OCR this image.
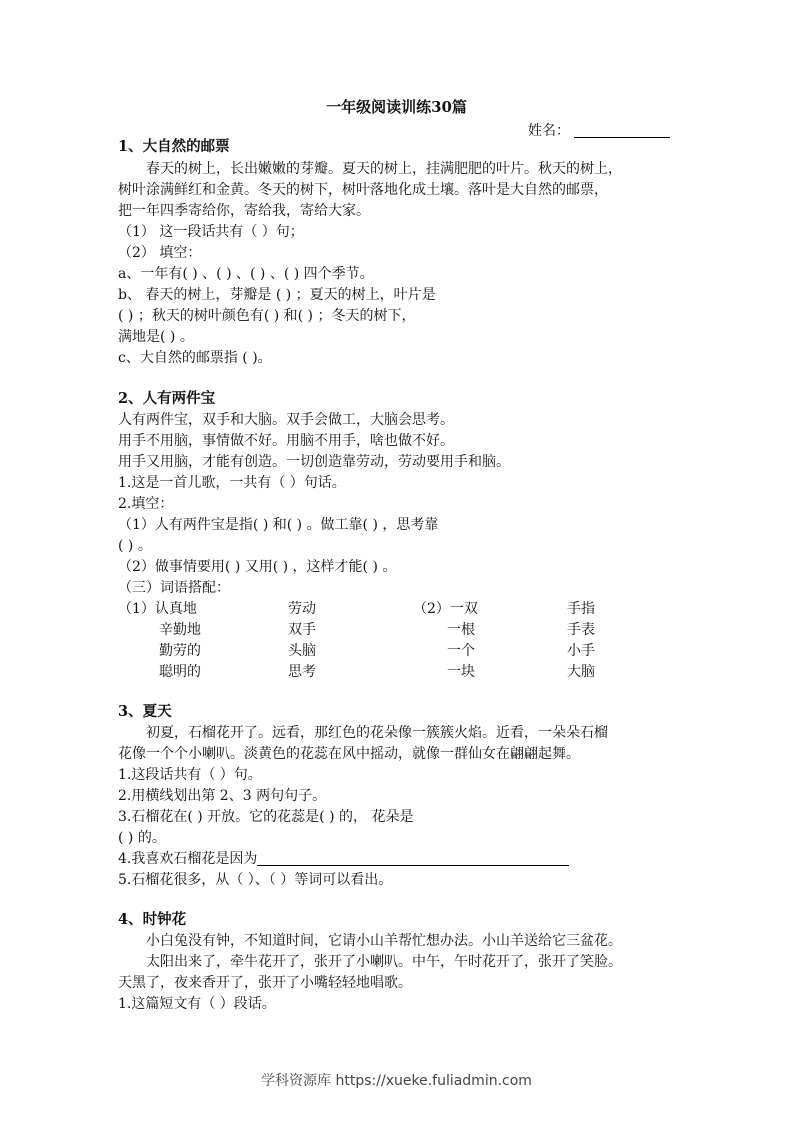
一年级阅读训练30篇
姓名：
1、大自然的邮票
春天的树上，长出嫩嫩的芽瓣。夏天的树上，挂满肥肥的叶片。秋天的树上，
树叶涂满鲜红和金黄。冬天的树下，树叶落地化成土壤。落叶是大自然的邮票，
把一年四季寄给你，寄给我，寄给大家。
（1） 这一段话共有（ ）句；
（2） 填空：
a、一年有( ) 、( ) 、( ) 、( ) 四个季节。
b、 春天的树上，芽瓣是 ( ) ；夏天的树上，叶片是
( ) ；秋天的树叶颜色有( ) 和( ) ；冬天的树下，
满地是( ) 。
c、大自然的邮票指 ( )。
2、人有两件宝
人有两件宝，双手和大脑。双手会做工，大脑会思考。
用手不用脑，事情做不好。用脑不用手，啥也做不好。
用手又用脑，才能有创造。一切创造靠劳动，劳动要用手和脑。
1.这是一首儿歌，一共有（ ）句话。
2.填空：
（1）人有两件宝是指( ) 和( ) 。做工靠( ) ，思考靠
( ) 。
（2）做事情要用( ) 又用( ) ，这样才能( ) 。
（三）词语搭配：
（1）认真地
辛勤地
勤劳的
聪明的
劳动
双手
头脑
思考
（2）一双
一根
一个
一块
手指
手表
小手
大脑
3、夏天
初夏，石榴花开了。远看，那红色的花朵像一簇簇火焰。近看，一朵朵石榴
花像一个个小喇叭。淡黄色的花蕊在风中摇动，就像一群仙女在翩翩起舞。
1.这段话共有（ ）句。
2.用横线划出第 2、3 两句句子。
3.石榴花在( ) 开放。它的花蕊是( ) 的， 花朵是
( ) 的。
4.我喜欢石榴花是因为
5.石榴花很多，从（ ）、（ ）等词可以看出。
4、时钟花
小白兔没有钟，不知道时间，它请小山羊帮忙想办法。小山羊送给它三盆花。
太阳出来了，牵牛花开了，张开了小喇叭。中午，午时花开了，张开了笑脸。
天黑了，夜来香开了，张开了小嘴轻轻地唱歌。
1.这篇短文有（ ）段话。
学科资源库 https://xueke.fuliadmin.com
